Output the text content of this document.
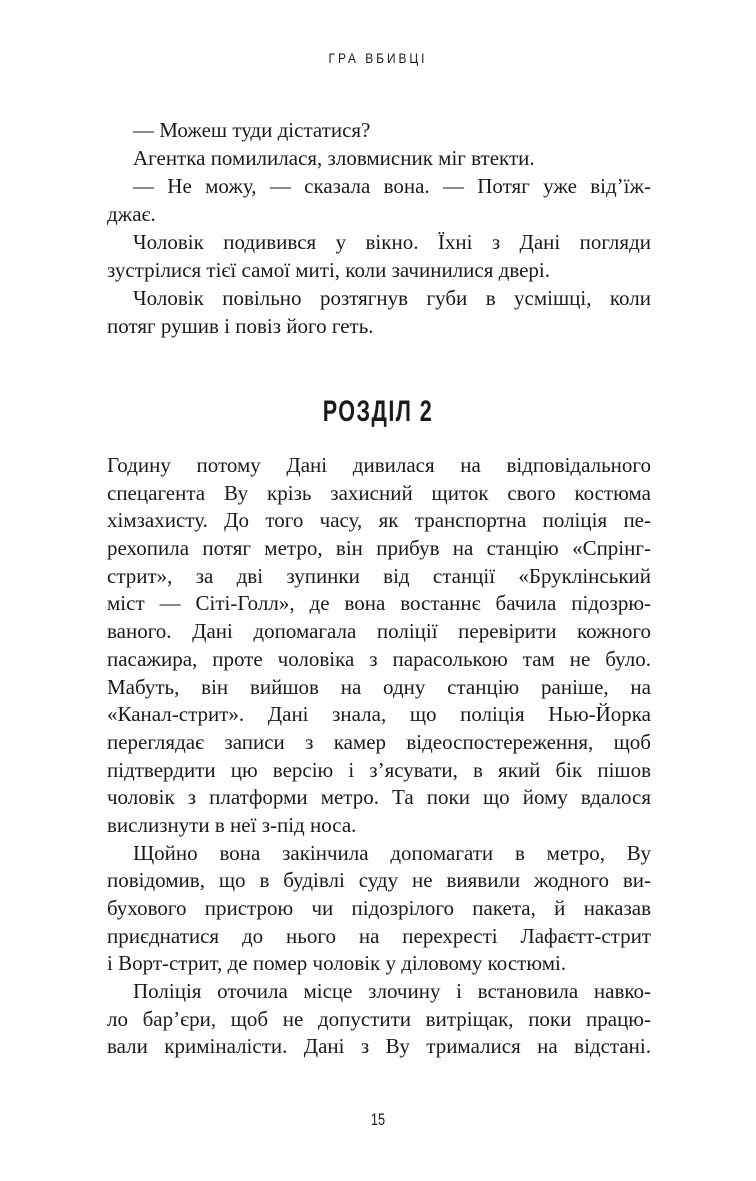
ГРА ВБИВЦІ
— Можеш туди дістатися?
Агентка помилилася, зловмисник міг втекти.
— Не можу, — сказала вона. — Потяг уже від’їж-
джає.
Чоловік подивився у вікно. Їхні з Дані погляди
зустрілися тієї самої миті, коли зачинилися двері.
Чоловік повільно розтягнув губи в усмішці, коли
потяг рушив і повіз його геть.
РОЗДІЛ 2
Годину потому Дані дивилася на відповідального
спецагента Ву крізь захисний щиток свого костюма
хімзахисту. До того часу, як транспортна поліція пе-
рехопила потяг метро, він прибув на станцію «Спрінг-
стрит», за дві зупинки від станції «Бруклінський
міст — Сіті-Голл», де вона востаннє бачила підозрю-
ваного. Дані допомагала поліції перевірити кожного
пасажира, проте чоловіка з парасолькою там не було.
Мабуть, він вийшов на одну станцію раніше, на
«Канал-стрит». Дані знала, що поліція Нью-Йорка
переглядає записи з камер відеоспостереження, щоб
підтвердити цю версію і з’ясувати, в який бік пішов
чоловік з платформи метро. Та поки що йому вдалося
вислизнути в неї з-під носа.
Щойно вона закінчила допомагати в метро, Ву
повідомив, що в будівлі суду не виявили жодного ви-
бухового пристрою чи підозрілого пакета, й наказав
приєднатися до нього на перехресті Лафаєтт-стрит
і Ворт-стрит, де помер чоловік у діловому костюмі.
Поліція оточила місце злочину і встановила навко-
ло бар’єри, щоб не допустити витріщак, поки працю-
вали криміналісти. Дані з Ву трималися на відстані.
15
